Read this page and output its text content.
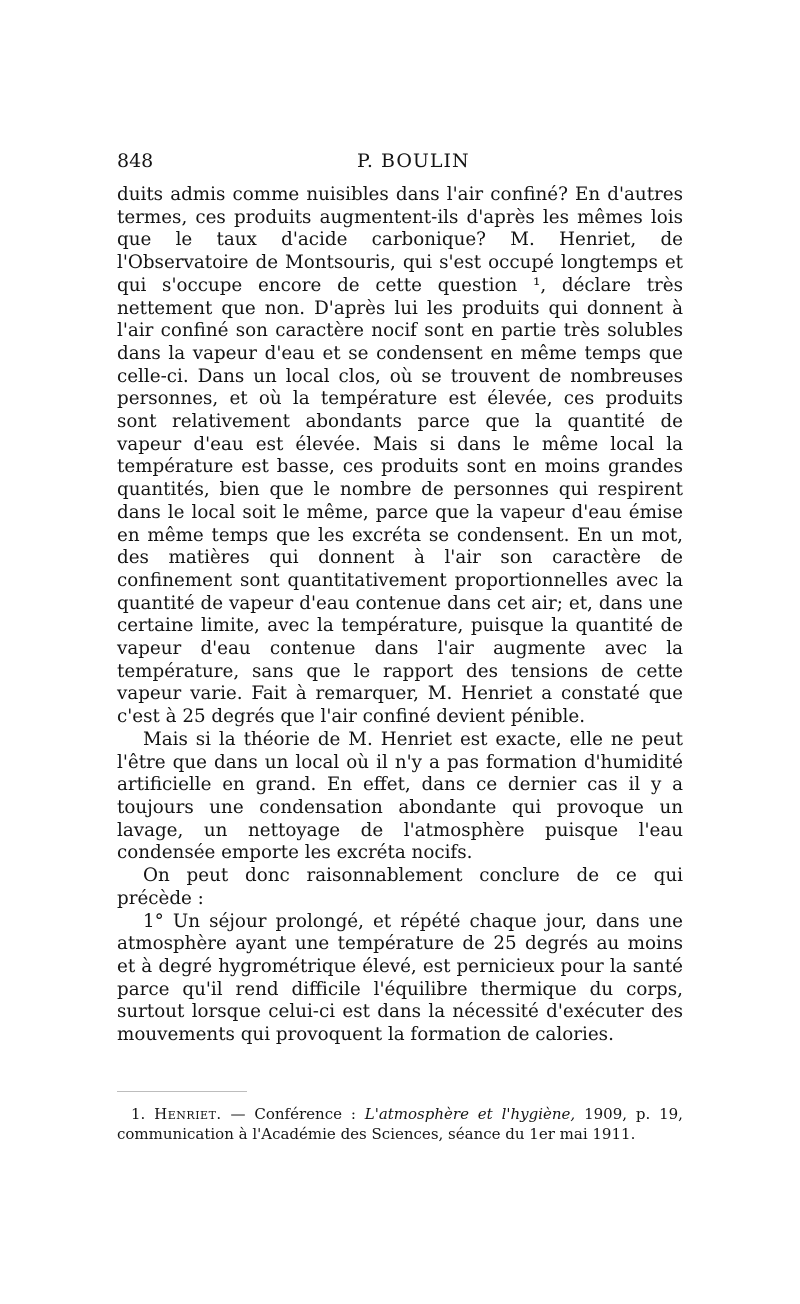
848	P. BOULIN

duits admis comme nuisibles dans l'air confiné? En d'autres termes, ces produits augmentent-ils d'après les mêmes lois que le taux d'acide carbonique? M. Henriet, de l'Observatoire de Montsouris, qui s'est occupé longtemps et qui s'occupe encore de cette question ¹, déclare très nettement que non. D'après lui les produits qui donnent à l'air confiné son caractère nocif sont en partie très solubles dans la vapeur d'eau et se condensent en même temps que celle-ci. Dans un local clos, où se trouvent de nombreuses personnes, et où la température est élevée, ces produits sont relativement abondants parce que la quantité de vapeur d'eau est élevée. Mais si dans le même local la température est basse, ces produits sont en moins grandes quantités, bien que le nombre de personnes qui respirent dans le local soit le même, parce que la vapeur d'eau émise en même temps que les excréta se condensent. En un mot, des matières qui donnent à l'air son caractère de confinement sont quantitativement proportionnelles avec la quantité de vapeur d'eau contenue dans cet air; et, dans une certaine limite, avec la température, puisque la quantité de vapeur d'eau contenue dans l'air augmente avec la température, sans que le rapport des tensions de cette vapeur varie. Fait à remarquer, M. Henriet a constaté que c'est à 25 degrés que l'air confiné devient pénible.

Mais si la théorie de M. Henriet est exacte, elle ne peut l'être que dans un local où il n'y a pas formation d'humidité artificielle en grand. En effet, dans ce dernier cas il y a toujours une condensation abondante qui provoque un lavage, un nettoyage de l'atmosphère puisque l'eau condensée emporte les excréta nocifs.

On peut donc raisonnablement conclure de ce qui précède :

1° Un séjour prolongé, et répété chaque jour, dans une atmosphère ayant une température de 25 degrés au moins et à degré hygrométrique élevé, est pernicieux pour la santé parce qu'il rend difficile l'équilibre thermique du corps, surtout lorsque celui-ci est dans la nécessité d'exécuter des mouvements qui provoquent la formation de calories.

1. Henriet. — Conférence : L'atmosphère et l'hygiène, 1909, p. 19, communication à l'Académie des Sciences, séance du 1er mai 1911.
